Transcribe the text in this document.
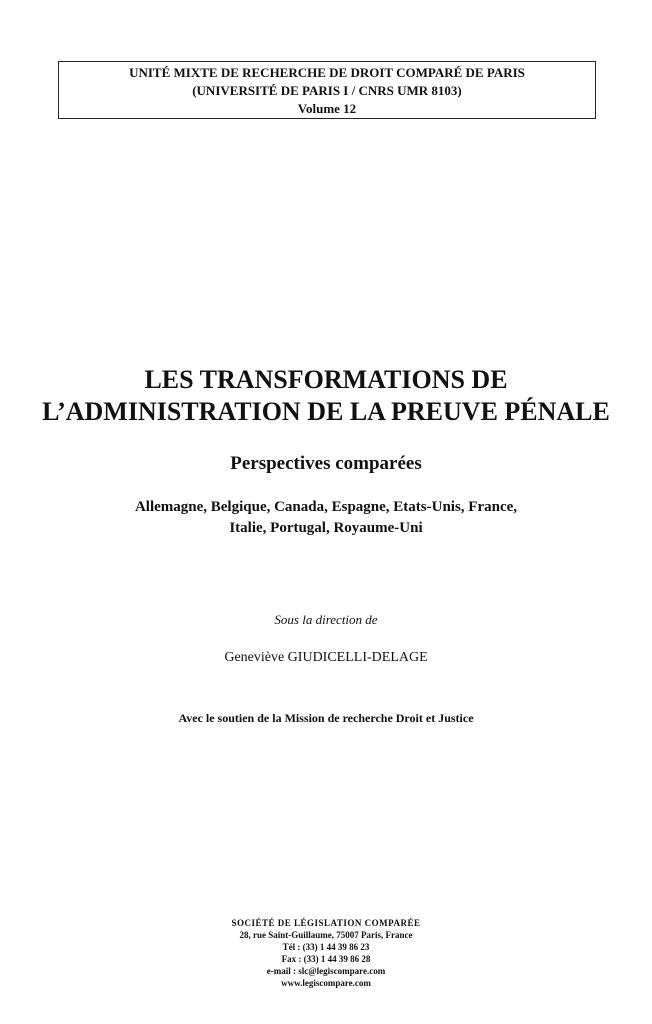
UNITÉ MIXTE DE RECHERCHE DE DROIT COMPARÉ DE PARIS
(UNIVERSITÉ DE PARIS I / CNRS UMR 8103)
Volume 12
LES TRANSFORMATIONS DE
L’ADMINISTRATION DE LA PREUVE PÉNALE
Perspectives comparées
Allemagne, Belgique, Canada, Espagne, Etats-Unis, France,
Italie, Portugal, Royaume-Uni
Sous la direction de
Geneviève GIUDICELLI-DELAGE
Avec le soutien de la Mission de recherche Droit et Justice
SOCIÉTÉ DE LÉGISLATION COMPARÉE
28, rue Saint-Guillaume, 75007 Paris, France
Tél : (33) 1 44 39 86 23
Fax : (33) 1 44 39 86 28
e-mail : slc@legiscompare.com
www.legiscompare.com
